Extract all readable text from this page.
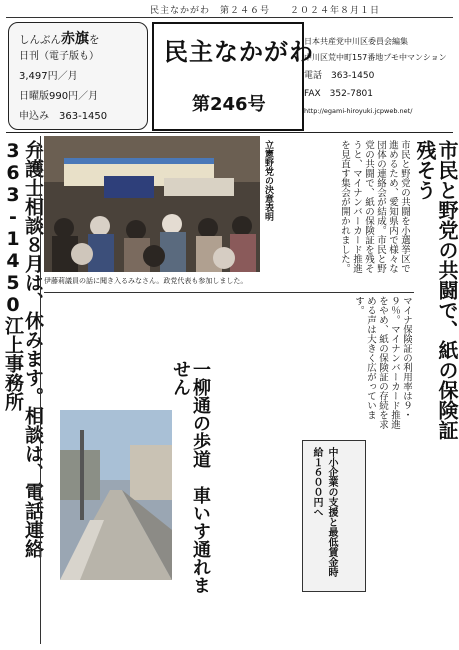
民主なかがわ　第２４６号　　２０２４年８月１日
しんぶん赤旗を
日刊（電子版も）
3,497円／月
日曜版990円／月
申込み　363-1450
民主なかがわ
第246号
日本共産党中川区委員会編集
中川区荒中町157番地プモ中マンション
電話　363-1450
FAX　352-7801
http://egami-hiroyuki.jcpweb.net/
弁護士相談８月は、休みます。相談は、電話連絡363-1450江上事務所	伊藤莉議員の話に聞き入るみなさん。政党代表も参加しました。	市民と野党の共闘で、紙の保険証残そう
立憲野党の決意表明	市民と野党の共闘を小選挙区で進めるため、愛知県内で様々な団体の連絡会が結成。市民と野党の共闘で、紙の保険証を残そうと、マイナンバーカード推進を見直す集会が開かれました。
マイナ保険証の利用率は９・９％。マイナンバーカード推進をやめ、紙の保険証の存続を求める声は大きく広がっています。
一柳通の歩道　車いす通れません
中小企業の支援と最低賃金時給１６００円へ
